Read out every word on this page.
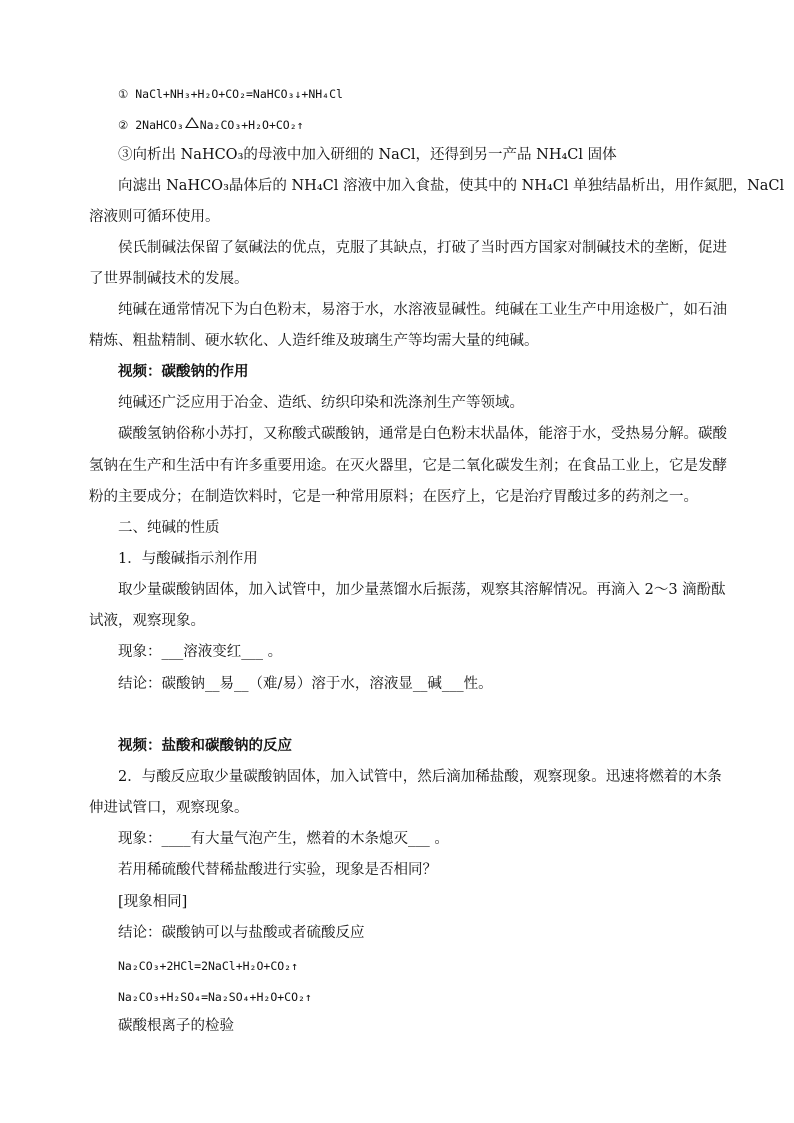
① NaCl+NH₃+H₂O+CO₂=NaHCO₃↓+NH₄Cl
② 2NaHCO₃ Na₂CO₃+H₂O+CO₂↑
③向析出 NaHCO₃的母液中加入研细的 NaCl，还得到另一产品 NH₄Cl 固体
向滤出 NaHCO₃晶体后的 NH₄Cl 溶液中加入食盐，使其中的 NH₄Cl 单独结晶析出，用作氮肥，NaCl
溶液则可循环使用。
侯氏制碱法保留了氨碱法的优点，克服了其缺点，打破了当时西方国家对制碱技术的垄断，促进
了世界制碱技术的发展。
纯碱在通常情况下为白色粉末，易溶于水，水溶液显碱性。纯碱在工业生产中用途极广，如石油
精炼、粗盐精制、硬水软化、人造纤维及玻璃生产等均需大量的纯碱。
视频：碳酸钠的作用
纯碱还广泛应用于冶金、造纸、纺织印染和洗涤剂生产等领域。
碳酸氢钠俗称小苏打，又称酸式碳酸钠，通常是白色粉末状晶体，能溶于水，受热易分解。碳酸
氢钠在生产和生活中有许多重要用途。在灭火器里，它是二氧化碳发生剂；在食品工业上，它是发酵
粉的主要成分；在制造饮料时，它是一种常用原料；在医疗上，它是治疗胃酸过多的药剂之一。
二、纯碱的性质
1．与酸碱指示剂作用
取少量碳酸钠固体，加入试管中，加少量蒸馏水后振荡，观察其溶解情况。再滴入 2～3 滴酚酞
试液，观察现象。
现象：___溶液变红___ 。
结论：碳酸钠__易__（难/易）溶于水，溶液显__碱___性。
视频：盐酸和碳酸钠的反应
2．与酸反应取少量碳酸钠固体，加入试管中，然后滴加稀盐酸，观察现象。迅速将燃着的木条
伸进试管口，观察现象。
现象：____有大量气泡产生，燃着的木条熄灭___ 。
若用稀硫酸代替稀盐酸进行实验，现象是否相同？
[现象相同]
结论：碳酸钠可以与盐酸或者硫酸反应
Na₂CO₃+2HCl=2NaCl+H₂O+CO₂↑
Na₂CO₃+H₂SO₄=Na₂SO₄+H₂O+CO₂↑
碳酸根离子的检验
